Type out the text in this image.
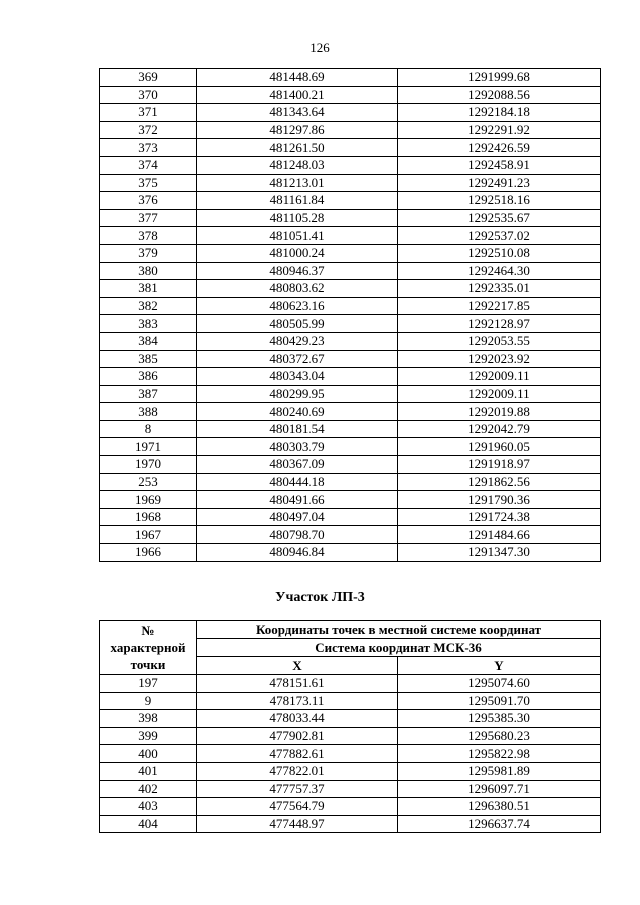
126
369	481448.69	1291999.68
370	481400.21	1292088.56
371	481343.64	1292184.18
372	481297.86	1292291.92
373	481261.50	1292426.59
374	481248.03	1292458.91
375	481213.01	1292491.23
376	481161.84	1292518.16
377	481105.28	1292535.67
378	481051.41	1292537.02
379	481000.24	1292510.08
380	480946.37	1292464.30
381	480803.62	1292335.01
382	480623.16	1292217.85
383	480505.99	1292128.97
384	480429.23	1292053.55
385	480372.67	1292023.92
386	480343.04	1292009.11
387	480299.95	1292009.11
388	480240.69	1292019.88
8	480181.54	1292042.79
1971	480303.79	1291960.05
1970	480367.09	1291918.97
253	480444.18	1291862.56
1969	480491.66	1291790.36
1968	480497.04	1291724.38
1967	480798.70	1291484.66
1966	480946.84	1291347.30
Участок ЛП-3
№
характерной
точки	Координаты точек в местной системе координат	
	Система координат МСК-36	
	X	Y
197	478151.61	1295074.60
9	478173.11	1295091.70
398	478033.44	1295385.30
399	477902.81	1295680.23
400	477882.61	1295822.98
401	477822.01	1295981.89
402	477757.37	1296097.71
403	477564.79	1296380.51
404	477448.97	1296637.74
